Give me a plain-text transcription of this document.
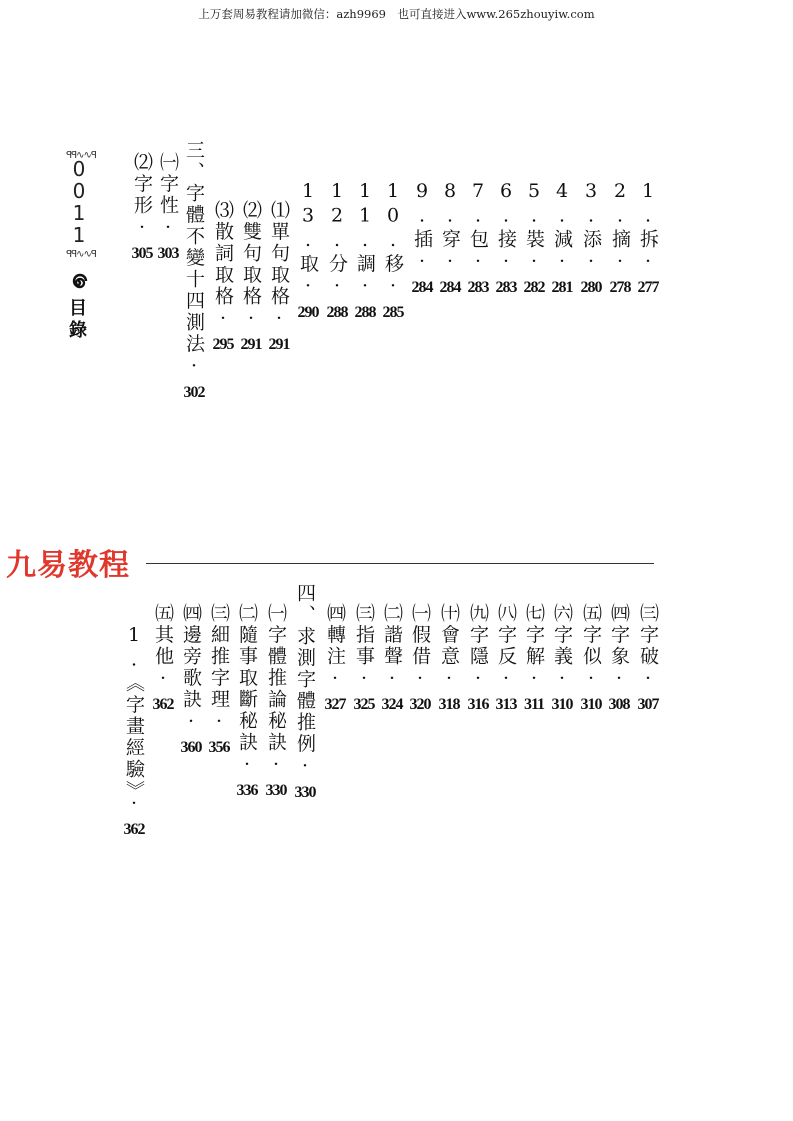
上万套周易教程请加微信：azh9969　也可直接进入www.265zhouyiw.com
ꟼꟼ∿∿ꟼ
0
0
1
1
ꟼꟼ∿∿ꟼ
目
錄
⑵字形·
305
㈠字性·
303 三、字體不變十四測法·
302
⑶散詞取格·
295
⑵雙句取格·
291
⑴單句取格·
291
13.取·
290
12.分·
288
11.調·
288
10.移·
285
9.插·
284
8.穿·
284
7.包·
283
6.接·
283
5.裝·
282
4.減·
281
3.添·
280
2.摘·
278
1.拆·
277
九易教程
1.《字畫經驗》·
362
㈤其他·
362 ㈣邊旁歌訣·
360
㈢細推字理·
356 ㈡隨事取斷秘訣·
336
㈠字體推論秘訣·
330
四、求測字體推例·
330
㈣轉注·
327
㈢指事·
325
㈡諧聲·
324
㈠假借·
320
㈩會意·
318
㈨字隱·
316
㈧字反·
313
㈦字解·
311
㈥字義·
310
㈤字似·
310
㈣字象·
308
㈢字破·
307
